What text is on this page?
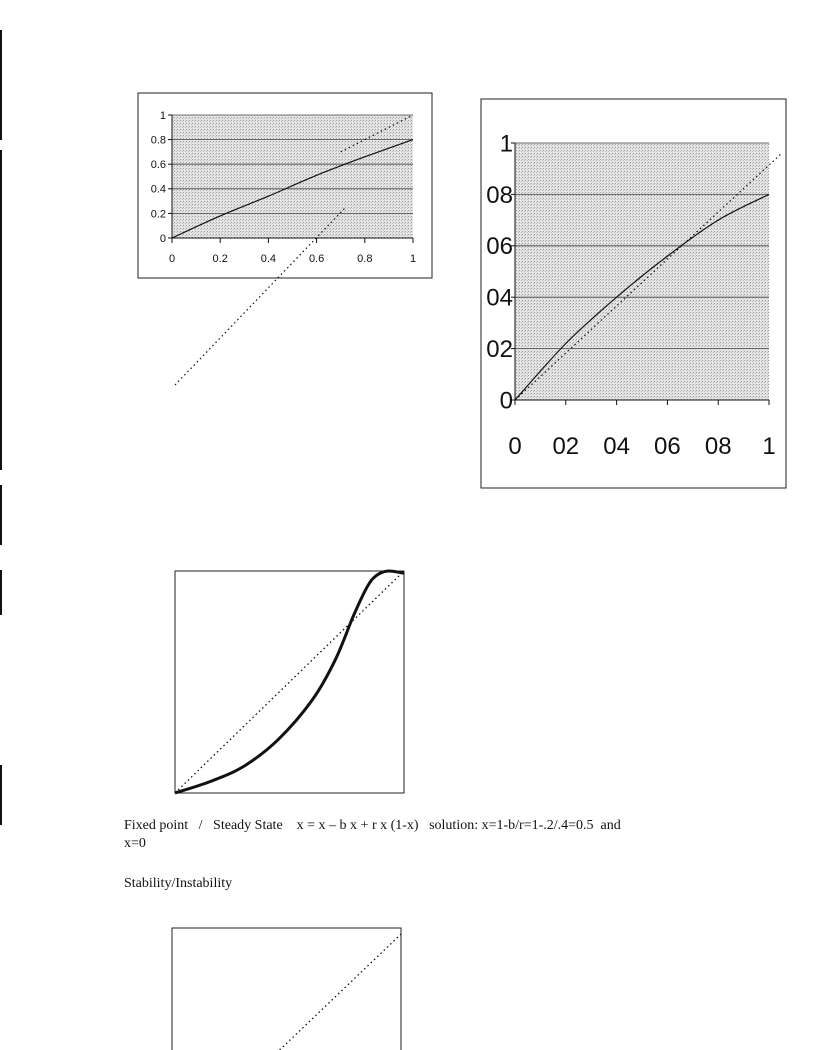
0	0.2	0.4	0.6	0.8	1
0
0.2
0.4
0.6
0.8
1
0 02 04 06 08 1
0
02
04
06
08
1
Fixed point   /   Steady State    x = x – b x + r x (1-x)   solution: x=1-b/r=1-.2/.4=0.5  and
x=0
Stability/Instability
